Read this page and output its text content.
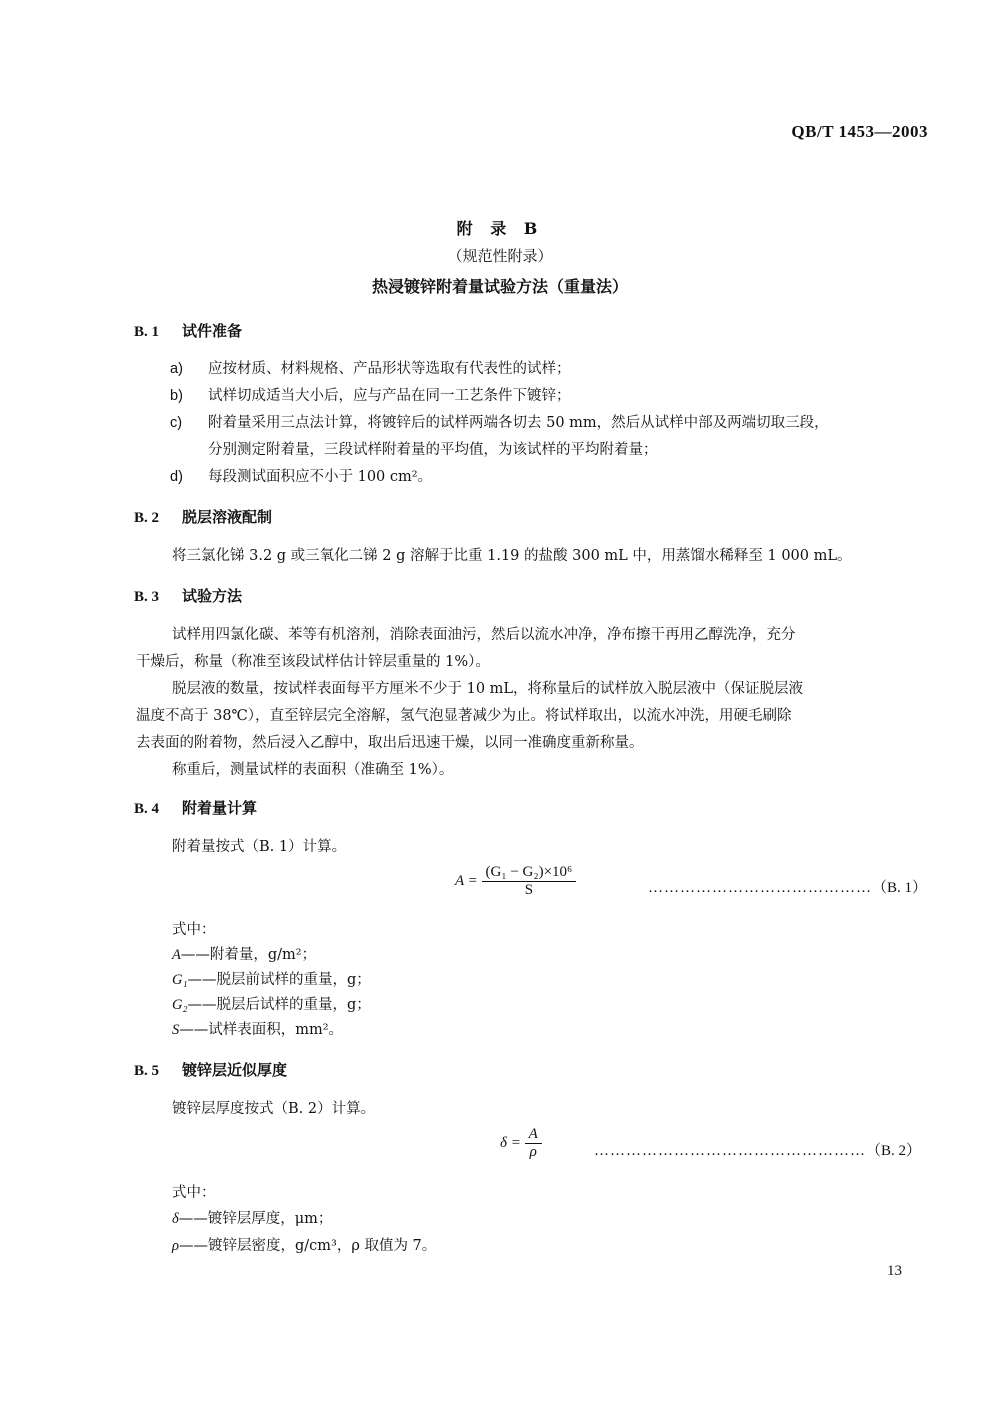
QB/T 1453—2003
附 录 B
（规范性附录）
热浸镀锌附着量试验方法（重量法）
B. 1 试件准备
a) 应按材质、材料规格、产品形状等选取有代表性的试样；
b) 试样切成适当大小后，应与产品在同一工艺条件下镀锌；
c) 附着量采用三点法计算，将镀锌后的试样两端各切去 50 mm，然后从试样中部及两端切取三段，
分别测定附着量，三段试样附着量的平均值，为该试样的平均附着量；
d) 每段测试面积应不小于 100 cm²。
B. 2 脱层溶液配制
将三氯化锑 3.2 g 或三氧化二锑 2 g 溶解于比重 1.19 的盐酸 300 mL 中，用蒸馏水稀释至 1 000 mL。
B. 3 试验方法
试样用四氯化碳、苯等有机溶剂，消除表面油污，然后以流水冲净，净布擦干再用乙醇洗净，充分
干燥后，称量（称准至该段试样估计锌层重量的 1%）。
脱层液的数量，按试样表面每平方厘米不少于 10 mL，将称量后的试样放入脱层液中（保证脱层液
温度不高于 38℃），直至锌层完全溶解，氢气泡显著减少为止。将试样取出，以流水冲洗，用硬毛刷除
去表面的附着物，然后浸入乙醇中，取出后迅速干燥，以同一准确度重新称量。
称重后，测量试样的表面积（准确至 1%）。
B. 4 附着量计算
附着量按式（B. 1）计算。
$A = \frac{\text{(G₁ − G₂)×10⁶}}{S}$	……………………………………（B. 1）
式中：
A——附着量，g/m²；
G₁——脱层前试样的重量，g；
G₂——脱层后试样的重量，g；
S——试样表面积，mm²。
B. 5 镀锌层近似厚度
镀锌层厚度按式（B. 2）计算。
$\delta = \frac{A}{\rho}$	……………………………………………（B. 2）
式中：
δ——镀锌层厚度，μm；
ρ——镀锌层密度，g/cm³，ρ 取值为 7。
13
